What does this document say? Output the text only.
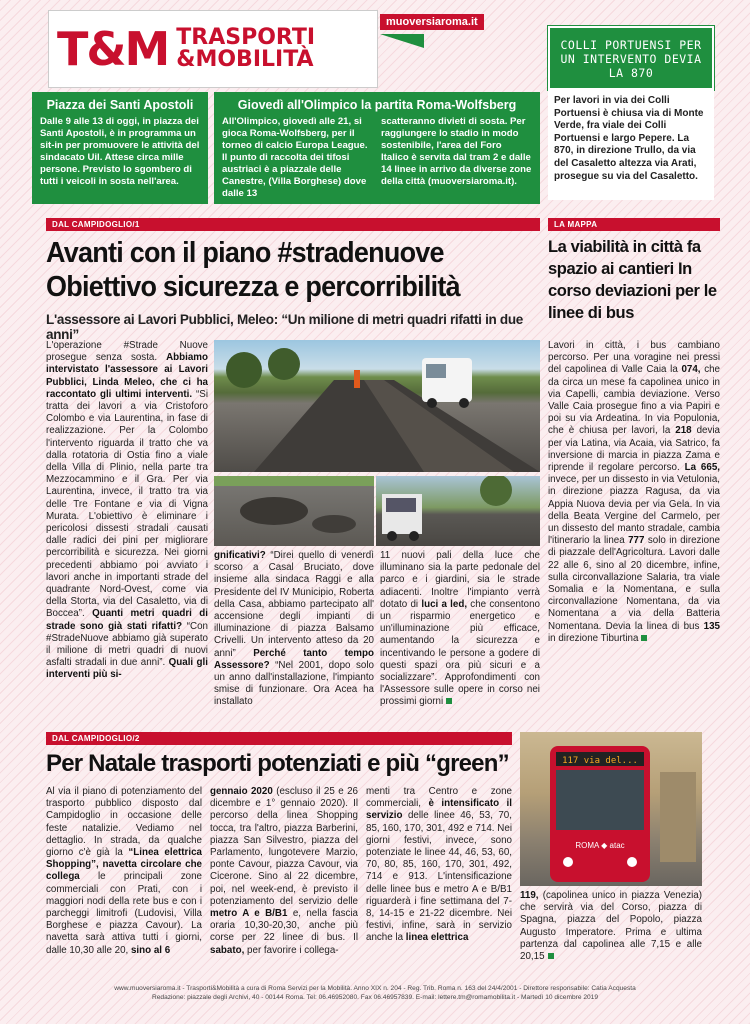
T&M TRASPORTI
&MOBILITÀ
muoversiaroma.it
COLLI PORTUENSI PER UN INTERVENTO DEVIA LA 870
Per lavori in via dei Colli Portuensi è chiusa via di Monte Verde, fra viale dei Colli Portuensi e largo Pepere. La 870, in direzione Trullo, da via del Casaletto altezza via Arati, prosegue su via del Casaletto.
Piazza dei Santi Apostoli

Dalle 9 alle 13 di oggi, in piazza dei Santi Apostoli, è in programma un sit-in per promuovere le attività del sindacato Uil. Attese circa mille persone. Previsto lo sgombero di tutti i veicoli in sosta nell'area.

Giovedì all'Olimpico la partita Roma-Wolfsberg

All'Olimpico, giovedì alle 21, si gioca Roma-Wolfsberg, per il torneo di calcio Europa League. Il punto di raccolta dei tifosi austriaci è a piazzale delle Canestre, (Villa Borghese) dove dalle 13

scatteranno divieti di sosta. Per raggiungere lo stadio in modo sostenibile, l'area del Foro Italico è servita dal tram 2 e dalle 14 linee in arrivo da diverse zone della città (muoversiaroma.it).

DAL CAMPIDOGLIO/1	LA MAPPA
Avanti con il piano #stradenuove
Obiettivo sicurezza e percorribilità
L'assessore ai Lavori Pubblici, Meleo: “Un milione di metri quadri rifatti in due anni”
L'operazione #Strade Nuove prosegue senza sosta. Abbiamo intervistato l'assessore ai Lavori Pubblici, Linda Meleo, che ci ha raccontato gli ultimi interventi. “Si tratta dei lavori a via Cristoforo Colombo e via Laurentina, in fase di realizzazione. Per la Colombo l'intervento riguarda il tratto che va dalla rotatoria di Ostia fino a viale della Villa di Plinio, nella parte tra Mezzocammino e il Gra. Per via Laurentina, invece, il tratto tra via delle Tre Fontane e via di Vigna Murata. L'obiettivo è eliminare i pericolosi dissesti stradali causati dalle radici dei pini per migliorare percorribilità e sicurezza. Nei giorni precedenti abbiamo poi avviato i lavori anche in importanti strade del quadrante Nord-Ovest, come via della Storta, via del Casaletto, via di Boccea”. Quanti metri quadri di strade sono già stati rifatti? “Con #StradeNuove abbiamo già superato il milione di metri quadri di nuovi asfalti stradali in due anni”. Quali gli interventi più si-
gnificativi? “Direi quello di venerdì scorso a Casal Bruciato, dove insieme alla sindaca Raggi e alla Presidente del IV Municipio, Roberta della Casa, abbiamo partecipato all' accensione degli impianti di illuminazione di piazza Balsamo Crivelli. Un intervento atteso da 20 anni” Perché tanto tempo Assessore? “Nel 2001, dopo solo un anno dall'installazione, l'impianto smise di funzionare. Ora Acea ha installato
11 nuovi pali della luce che illuminano sia la parte pedonale del parco e i giardini, sia le strade adiacenti. Inoltre l'impianto verrà dotato di luci a led, che consentono un risparmio energetico e un'illuminazione più efficace, aumentando la sicurezza e incentivando le persone a godere di questi spazi ora più sicuri e a socializzare”. Approfondimenti con l'Assessore sulle opere in corso nei prossimi giorni
La viabilità in città fa spazio ai cantieri In corso deviazioni per le linee di bus
Lavori in città, i bus cambiano percorso. Per una voragine nei pressi del capolinea di Valle Caia la 074, che da circa un mese fa capolinea unico in via Capelli, cambia deviazione. Verso Valle Caia prosegue fino a via Papiri e poi su via Ardeatina. In via Populonia, che è chiusa per lavori, la 218 devia per via Latina, via Acaia, via Satrico, fa inversione di marcia in piazza Zama e riprende il regolare percorso. La 665, invece, per un dissesto in via Vetulonia, in direzione piazza Ragusa, da via Appia Nuova devia per via Gela. In via della Beata Vergine del Carmelo, per un dissesto del manto stradale, cambia l'itinerario la linea 777 solo in direzione di piazzale dell'Agricoltura. Lavori dalle 22 alle 6, sino al 20 dicembre, infine, sulla circonvallazione Salaria, tra viale Somalia e la Nomentana, e sulla circonvallazione Nomentana, da via Nomentana a via della Batteria Nomentana. Devia la linea di bus 135 in direzione Tiburtina
DAL CAMPIDOGLIO/2
Per Natale trasporti potenziati e più “green”
Al via il piano di potenziamento del trasporto pubblico disposto dal Campidoglio in occasione delle feste natalizie. Vediamo nel dettaglio. In strada, da qualche giorno c'è già la “Linea elettrica Shopping”, navetta circolare che collega le principali zone commerciali con Prati, con i maggiori nodi della rete bus e con i parcheggi limitrofi (Ludovisi, Villa Borghese e piazza Cavour). La navetta sarà attiva tutti i giorni, dalle 10,30 alle 20, sino al 6
gennaio 2020 (escluso il 25 e 26 dicembre e 1° gennaio 2020). Il percorso della linea Shopping tocca, tra l'altro, piazza Barberini, piazza San Silvestro, piazza del Parlamento, lungotevere Marzio, ponte Cavour, piazza Cavour, via Cicerone. Sino al 22 dicembre, poi, nel week-end, è previsto il potenziamento del servizio delle metro A e B/B1 e, nella fascia oraria 10,30-20,30, anche più corse per 22 linee di bus. Il sabato, per favorire i collega-
menti tra Centro e zone commerciali, è intensificato il servizio delle linee 46, 53, 70, 85, 160, 170, 301, 492 e 714. Nei giorni festivi, invece, sono potenziate le linee 44, 46, 53, 60, 70, 80, 85, 160, 170, 301, 492, 714 e 913. L'intensificazione delle linee bus e metro A e B/B1 riguarderà i fine settimana del 7-8, 14-15 e 21-22 dicembre. Nei festivi, infine, sarà in servizio anche la linea elettrica
117 via del...
ROMA ◆ atac
119, (capolinea unico in piazza Venezia) che servirà via del Corso, piazza di Spagna, piazza del Popolo, piazza Augusto Imperatore. Prima e ultima partenza dal capolinea alle 7,15 e alle 20,15
www.muoversiaroma.it - Trasporti&Mobilità a cura di Roma Servizi per la Mobilità. Anno XIX n. 204 - Reg. Trib. Roma n. 163 del 24/4/2001 - Direttore responsabile: Catia Acquesta
Redazione: piazzale degli Archivi, 40 - 00144 Roma. Tel: 06.46952080. Fax 06.46957839. E-mail: lettere.tm@romamobilita.it - Martedì 10 dicembre 2019
